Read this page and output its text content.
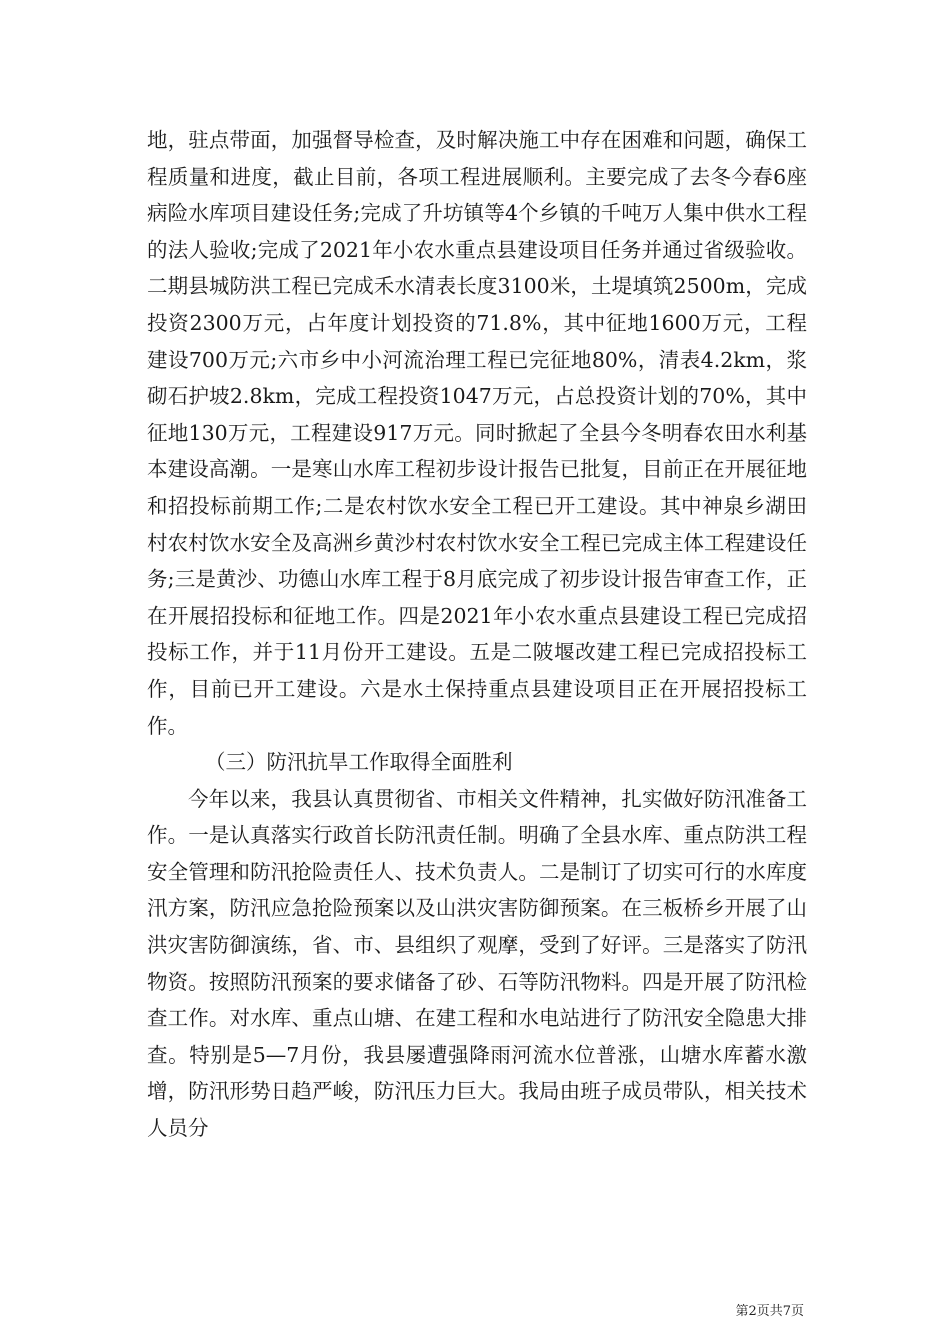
地，驻点带面，加强督导检查，及时解决施工中存在困难和问题，确保工程质量和进度，截止目前，各项工程进展顺利。主要完成了去冬今春6座病险水库项目建设任务;完成了升坊镇等4个乡镇的千吨万人集中供水工程的法人验收;完成了2021年小农水重点县建设项目任务并通过省级验收。二期县城防洪工程已完成禾水清表长度3100米，土堤填筑2500m，完成投资2300万元，占年度计划投资的71.8%，其中征地1600万元，工程建设700万元;六市乡中小河流治理工程已完征地80%，清表4.2km，浆砌石护坡2.8km，完成工程投资1047万元，占总投资计划的70%，其中征地130万元，工程建设917万元。同时掀起了全县今冬明春农田水利基本建设高潮。一是寒山水库工程初步设计报告已批复，目前正在开展征地和招投标前期工作;二是农村饮水安全工程已开工建设。其中神泉乡湖田村农村饮水安全及高洲乡黄沙村农村饮水安全工程已完成主体工程建设任务;三是黄沙、功德山水库工程于8月底完成了初步设计报告审查工作，正在开展招投标和征地工作。四是2021年小农水重点县建设工程已完成招投标工作，并于11月份开工建设。五是二陂堰改建工程已完成招投标工作，目前已开工建设。六是水土保持重点县建设项目正在开展招投标工作。

（三）防汛抗旱工作取得全面胜利

今年以来，我县认真贯彻省、市相关文件精神，扎实做好防汛准备工作。一是认真落实行政首长防汛责任制。明确了全县水库、重点防洪工程安全管理和防汛抢险责任人、技术负责人。二是制订了切实可行的水库度汛方案，防汛应急抢险预案以及山洪灾害防御预案。在三板桥乡开展了山洪灾害防御演练，省、市、县组织了观摩，受到了好评。三是落实了防汛物资。按照防汛预案的要求储备了砂、石等防汛物料。四是开展了防汛检查工作。对水库、重点山塘、在建工程和水电站进行了防汛安全隐患大排查。特别是5—7月份，我县屡遭强降雨河流水位普涨，山塘水库蓄水激增，防汛形势日趋严峻，防汛压力巨大。我局由班子成员带队，相关技术人员分

第2页共7页
